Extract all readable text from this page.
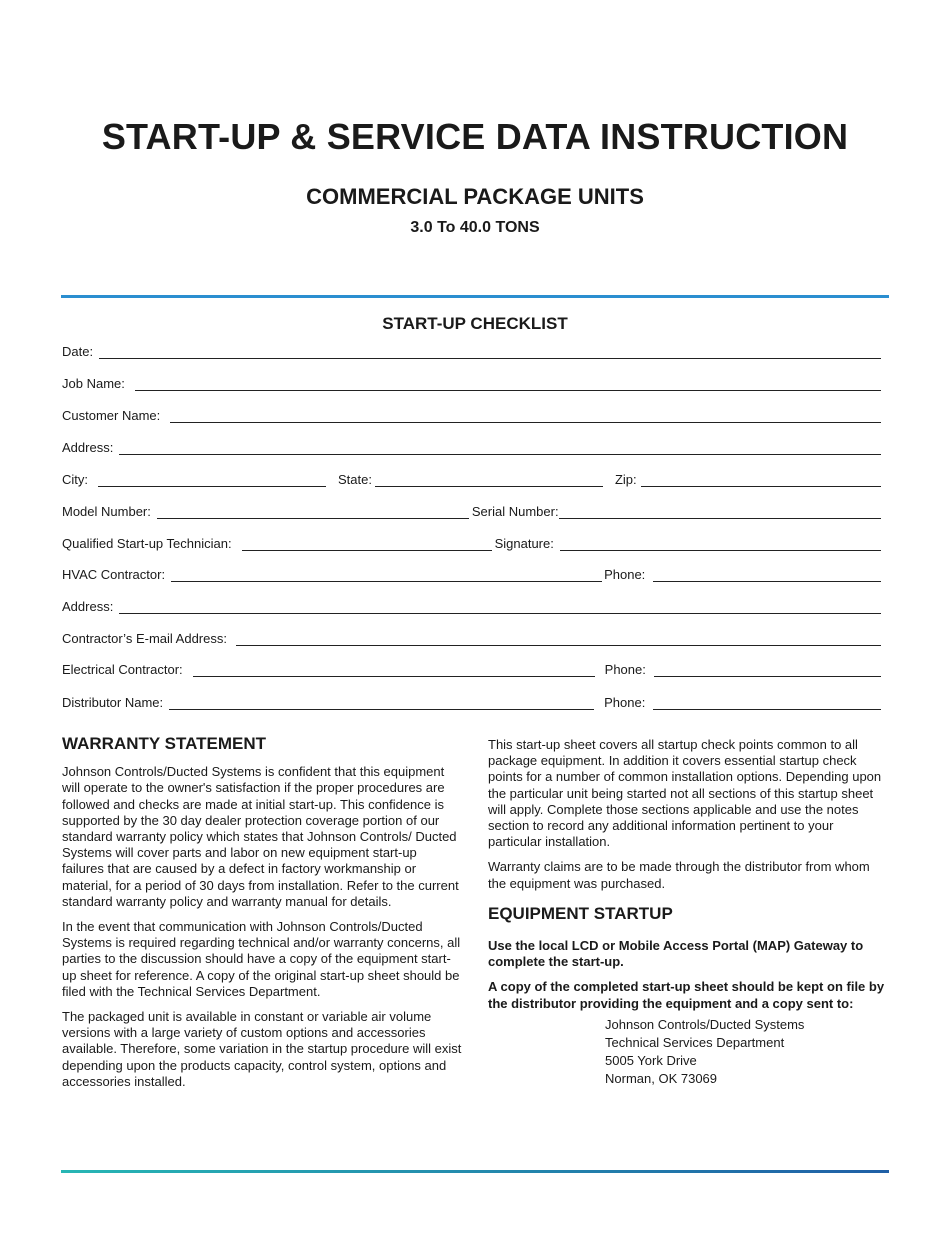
START-UP & SERVICE DATA INSTRUCTION
COMMERCIAL PACKAGE UNITS
3.0 To 40.0 TONS
START-UP CHECKLIST
Date:
Job Name:
Customer Name:
Address:
City:	State:	Zip:
Model Number:	Serial Number:
Qualified Start-up Technician:	Signature:
HVAC Contractor:	Phone:
Address:
Contractor’s E-mail Address:
Electrical Contractor:	Phone:
Distributor Name:	Phone:
WARRANTY STATEMENT

Johnson Controls/Ducted Systems is confident that this equipment will operate to the owner's satisfaction if the proper procedures are followed and checks are made at initial start-up. This confidence is supported by the 30 day dealer protection coverage portion of our standard warranty policy which states that Johnson Controls/ Ducted Systems will cover parts and labor on new equipment start-up failures that are caused by a defect in factory workmanship or material, for a period of 30 days from installation. Refer to the current standard warranty policy and warranty manual for details.

In the event that communication with Johnson Controls/Ducted Systems is required regarding technical and/or warranty concerns, all parties to the discussion should have a copy of the equipment start-up sheet for reference. A copy of the original start-up sheet should be filed with the Technical Services Department.

The packaged unit is available in constant or variable air volume versions with a large variety of custom options and accessories available. Therefore, some variation in the startup procedure will exist depending upon the products capacity, control system, options and accessories installed.

This start-up sheet covers all startup check points common to all package equipment. In addition it covers essential startup check points for a number of common installation options. Depending upon the particular unit being started not all sections of this startup sheet will apply. Complete those sections applicable and use the notes section to record any additional information pertinent to your particular installation.

Warranty claims are to be made through the distributor from whom the equipment was purchased.

EQUIPMENT STARTUP

Use the local LCD or Mobile Access Portal (MAP) Gateway to complete the start-up.

A copy of the completed start-up sheet should be kept on file by the distributor providing the equipment and a copy sent to:

Johnson Controls/Ducted Systems
Technical Services Department
5005 York Drive
Norman, OK 73069
